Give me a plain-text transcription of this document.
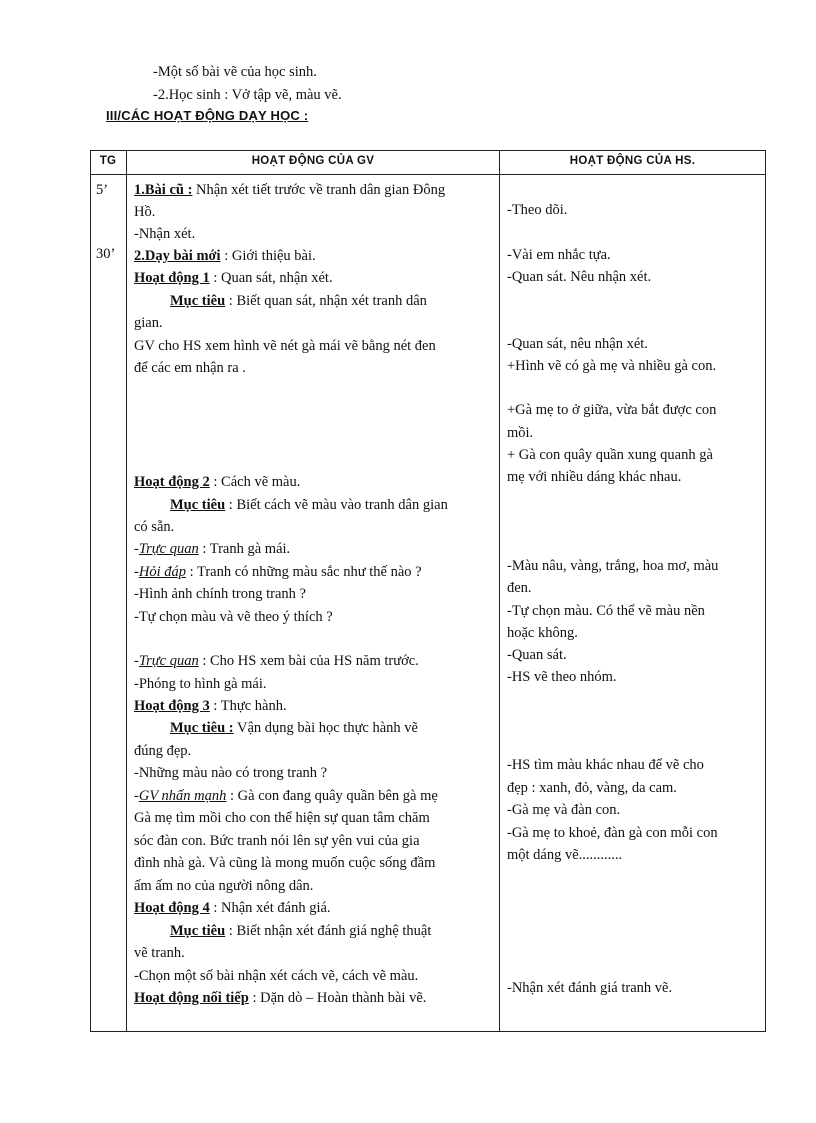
-Một số bài vẽ của học sinh.
-2.Học sinh : Vở tập vẽ, màu vẽ.
III/CÁC HOẠT ĐỘNG DẠY HỌC :
TG	HOẠT ĐỘNG CỦA GV	HOẠT ĐỘNG CỦA HS.
5’
30’
1.Bài cũ : Nhận xét tiết trước về tranh dân gian Đông
Hồ.
-Nhận xét.
2.Dạy bài mới : Giới thiệu bài.
Hoạt động 1 : Quan sát, nhận xét.
Mục tiêu : Biết quan sát, nhận xét tranh dân
gian.
GV cho HS xem hình vẽ nét gà mái vẽ bằng nét đen
để các em nhận ra .
Hoạt động 2 : Cách vẽ màu.
Mục tiêu : Biết cách vẽ màu vào tranh dân gian
có sẵn.
-Trực quan : Tranh gà mái.
-Hỏi đáp : Tranh có những màu sắc như thế nào ?
-Hình ảnh chính trong tranh ?
-Tự chọn màu và vẽ theo ý thích ?
-Trực quan : Cho HS xem bài của HS năm trước.
-Phóng to hình gà mái.
Hoạt động 3 : Thực hành.
Mục tiêu : Vận dụng bài học thực hành vẽ
đúng đẹp.
-Những màu nào có trong tranh ?
-GV nhấn mạnh : Gà con đang quây quần bên gà mẹ
Gà mẹ tìm mồi cho con thể hiện sự quan tâm chăm
sóc đàn con. Bức tranh nói lên sự yên vui của gia
đình nhà gà. Và cũng là mong muốn cuộc sống đầm
ấm ấm no của người nông dân.
Hoạt động 4 : Nhận xét đánh giá.
Mục tiêu : Biết nhận xét đánh giá nghệ thuật
vẽ tranh.
-Chọn một số bài nhận xét cách vẽ, cách vẽ màu.
Hoạt động nối tiếp : Dặn dò – Hoàn thành bài vẽ.
-Theo dõi.
-Vài em nhắc tựa.
-Quan sát. Nêu nhận xét.
-Quan sát, nêu nhận xét.
+Hình vẽ có gà mẹ và nhiều gà con.
+Gà mẹ to ở giữa, vừa bắt được con
mồi.
+ Gà con quây quần xung quanh gà
mẹ với nhiều dáng khác nhau.
-Màu nâu, vàng, trắng, hoa mơ, màu
đen.
-Tự chọn màu. Có thể vẽ màu nền
hoặc không.
-Quan sát.
-HS vẽ theo nhóm.
-HS tìm màu khác nhau để vẽ cho
đẹp : xanh, đỏ, vàng, da cam.
-Gà mẹ và đàn con.
-Gà mẹ to khoẻ, đàn gà con mỗi con
một dáng vẽ............
-Nhận xét đánh giá tranh vẽ.
